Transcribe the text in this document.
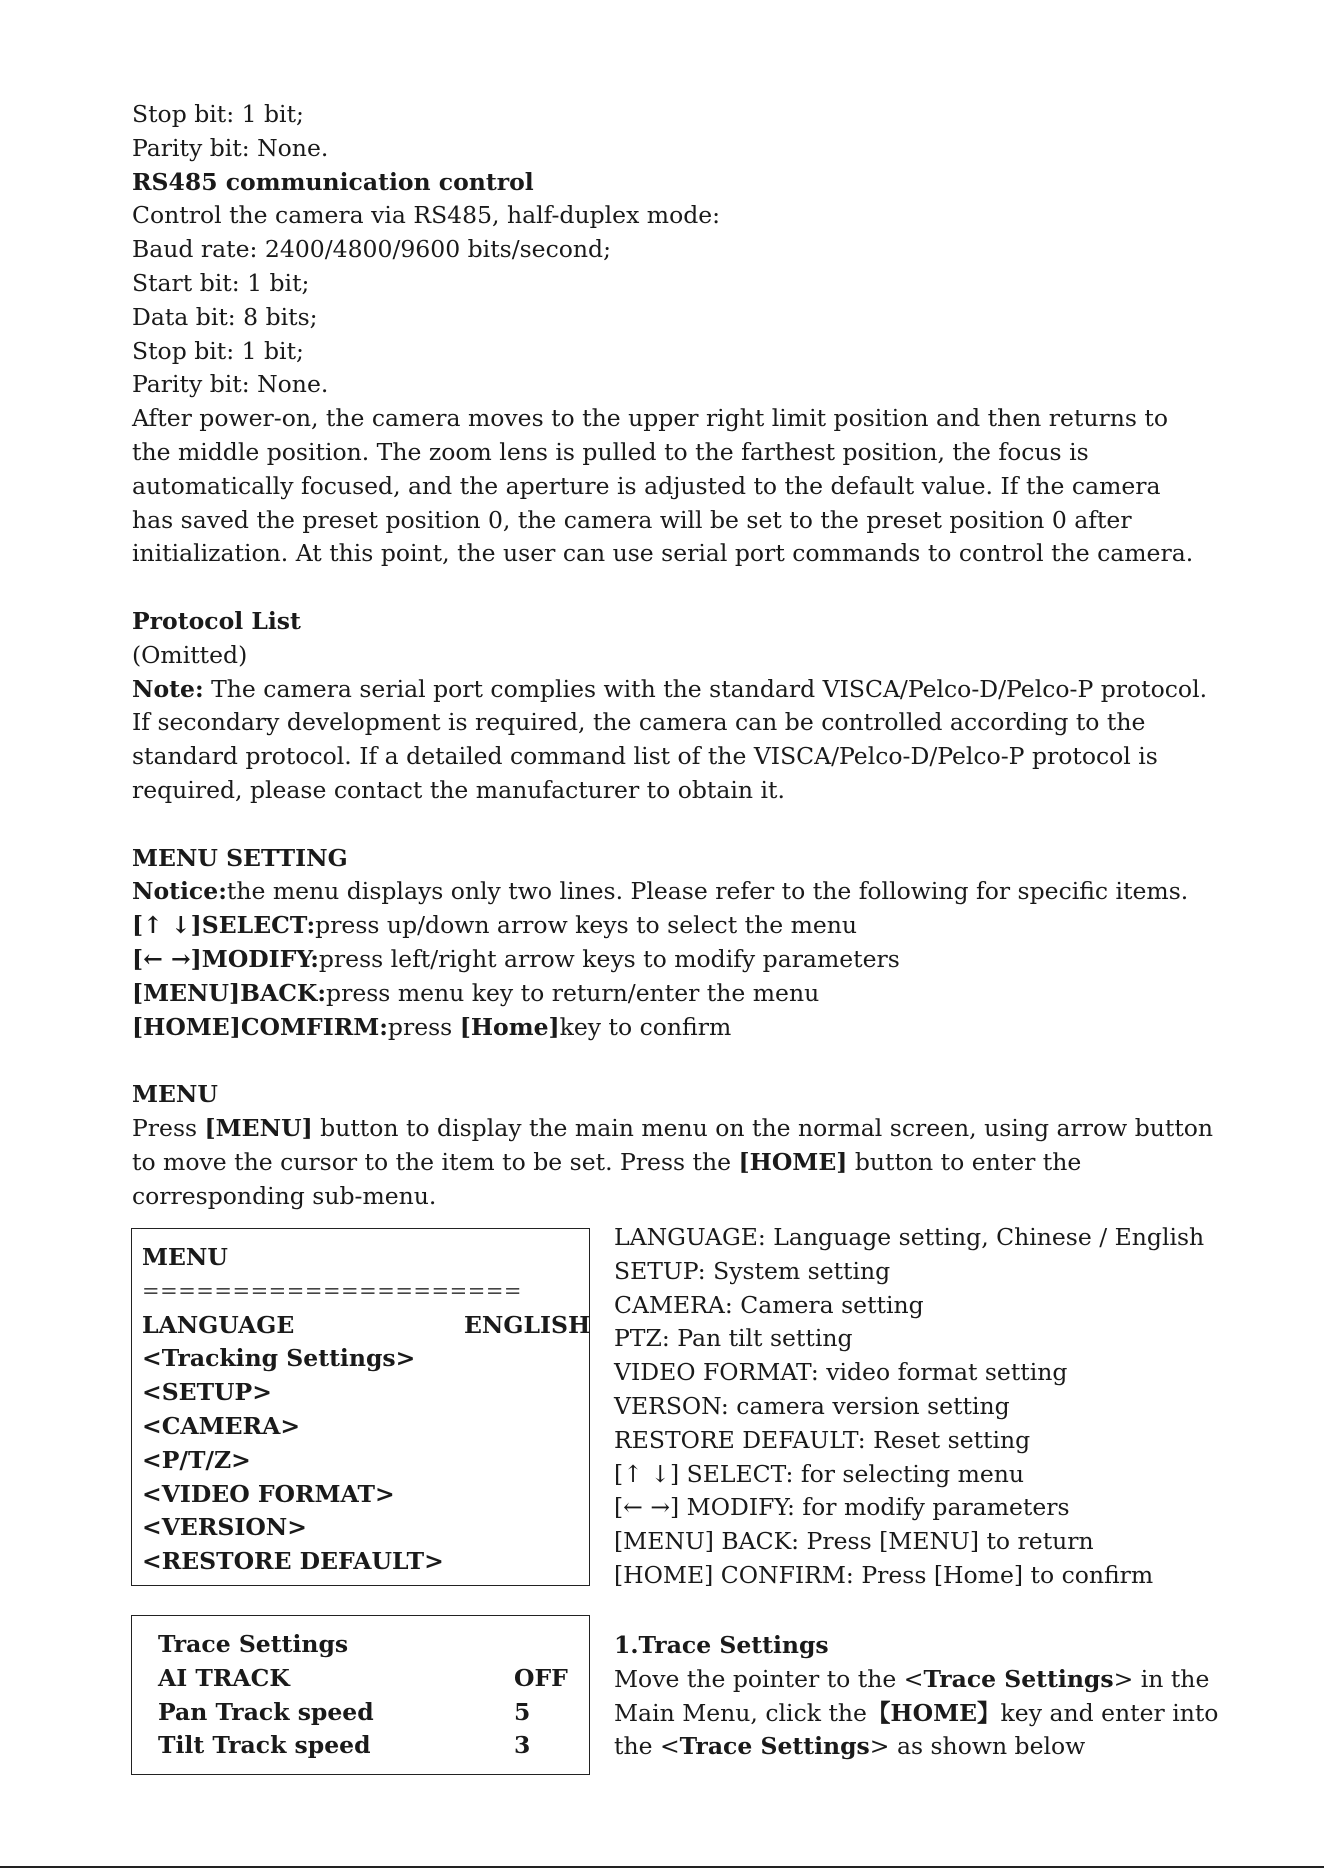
Stop bit: 1 bit;
Parity bit: None.
RS485 communication control
Control the camera via RS485, half-duplex mode:
Baud rate: 2400/4800/9600 bits/second;
Start bit: 1 bit;
Data bit: 8 bits;
Stop bit: 1 bit;
Parity bit: None.
After power-on, the camera moves to the upper right limit position and then returns to
the middle position. The zoom lens is pulled to the farthest position, the focus is
automatically focused, and the aperture is adjusted to the default value. If the camera
has saved the preset position 0, the camera will be set to the preset position 0 after
initialization. At this point, the user can use serial port commands to control the camera.
Protocol List
(Omitted)
Note: The camera serial port complies with the standard VISCA/Pelco-D/Pelco-P protocol.
If secondary development is required, the camera can be controlled according to the
standard protocol. If a detailed command list of the VISCA/Pelco-D/Pelco-P protocol is
required, please contact the manufacturer to obtain it.
MENU SETTING
Notice:the menu displays only two lines. Please refer to the following for specific items.
[↑ ↓]SELECT:press up/down arrow keys to select the menu
[← →]MODIFY:press left/right arrow keys to modify parameters
[MENU]BACK:press menu key to return/enter the menu
[HOME]COMFIRM:press [Home]key to confirm
MENU
Press [MENU] button to display the main menu on the normal screen, using arrow button
to move the cursor to the item to be set. Press the [HOME] button to enter the
corresponding sub-menu.
MENU
=====================
LANGUAGE	ENGLISH
<Tracking Settings>
<SETUP>
<CAMERA>
<P/T/Z>
<VIDEO FORMAT>
<VERSION>
<RESTORE DEFAULT>
LANGUAGE: Language setting, Chinese / English
SETUP: System setting
CAMERA: Camera setting
PTZ: Pan tilt setting
VIDEO FORMAT: video format setting
VERSON: camera version setting
RESTORE DEFAULT: Reset setting
[↑ ↓] SELECT: for selecting menu
[← →] MODIFY: for modify parameters
[MENU] BACK: Press [MENU] to return
[HOME] CONFIRM: Press [Home] to confirm
Trace Settings
AI TRACK	OFF
Pan Track speed	5
Tilt Track speed	3
1.Trace Settings
Move the pointer to the <Trace Settings> in the
Main Menu, click the【HOME】key and enter into
the <Trace Settings> as shown below
